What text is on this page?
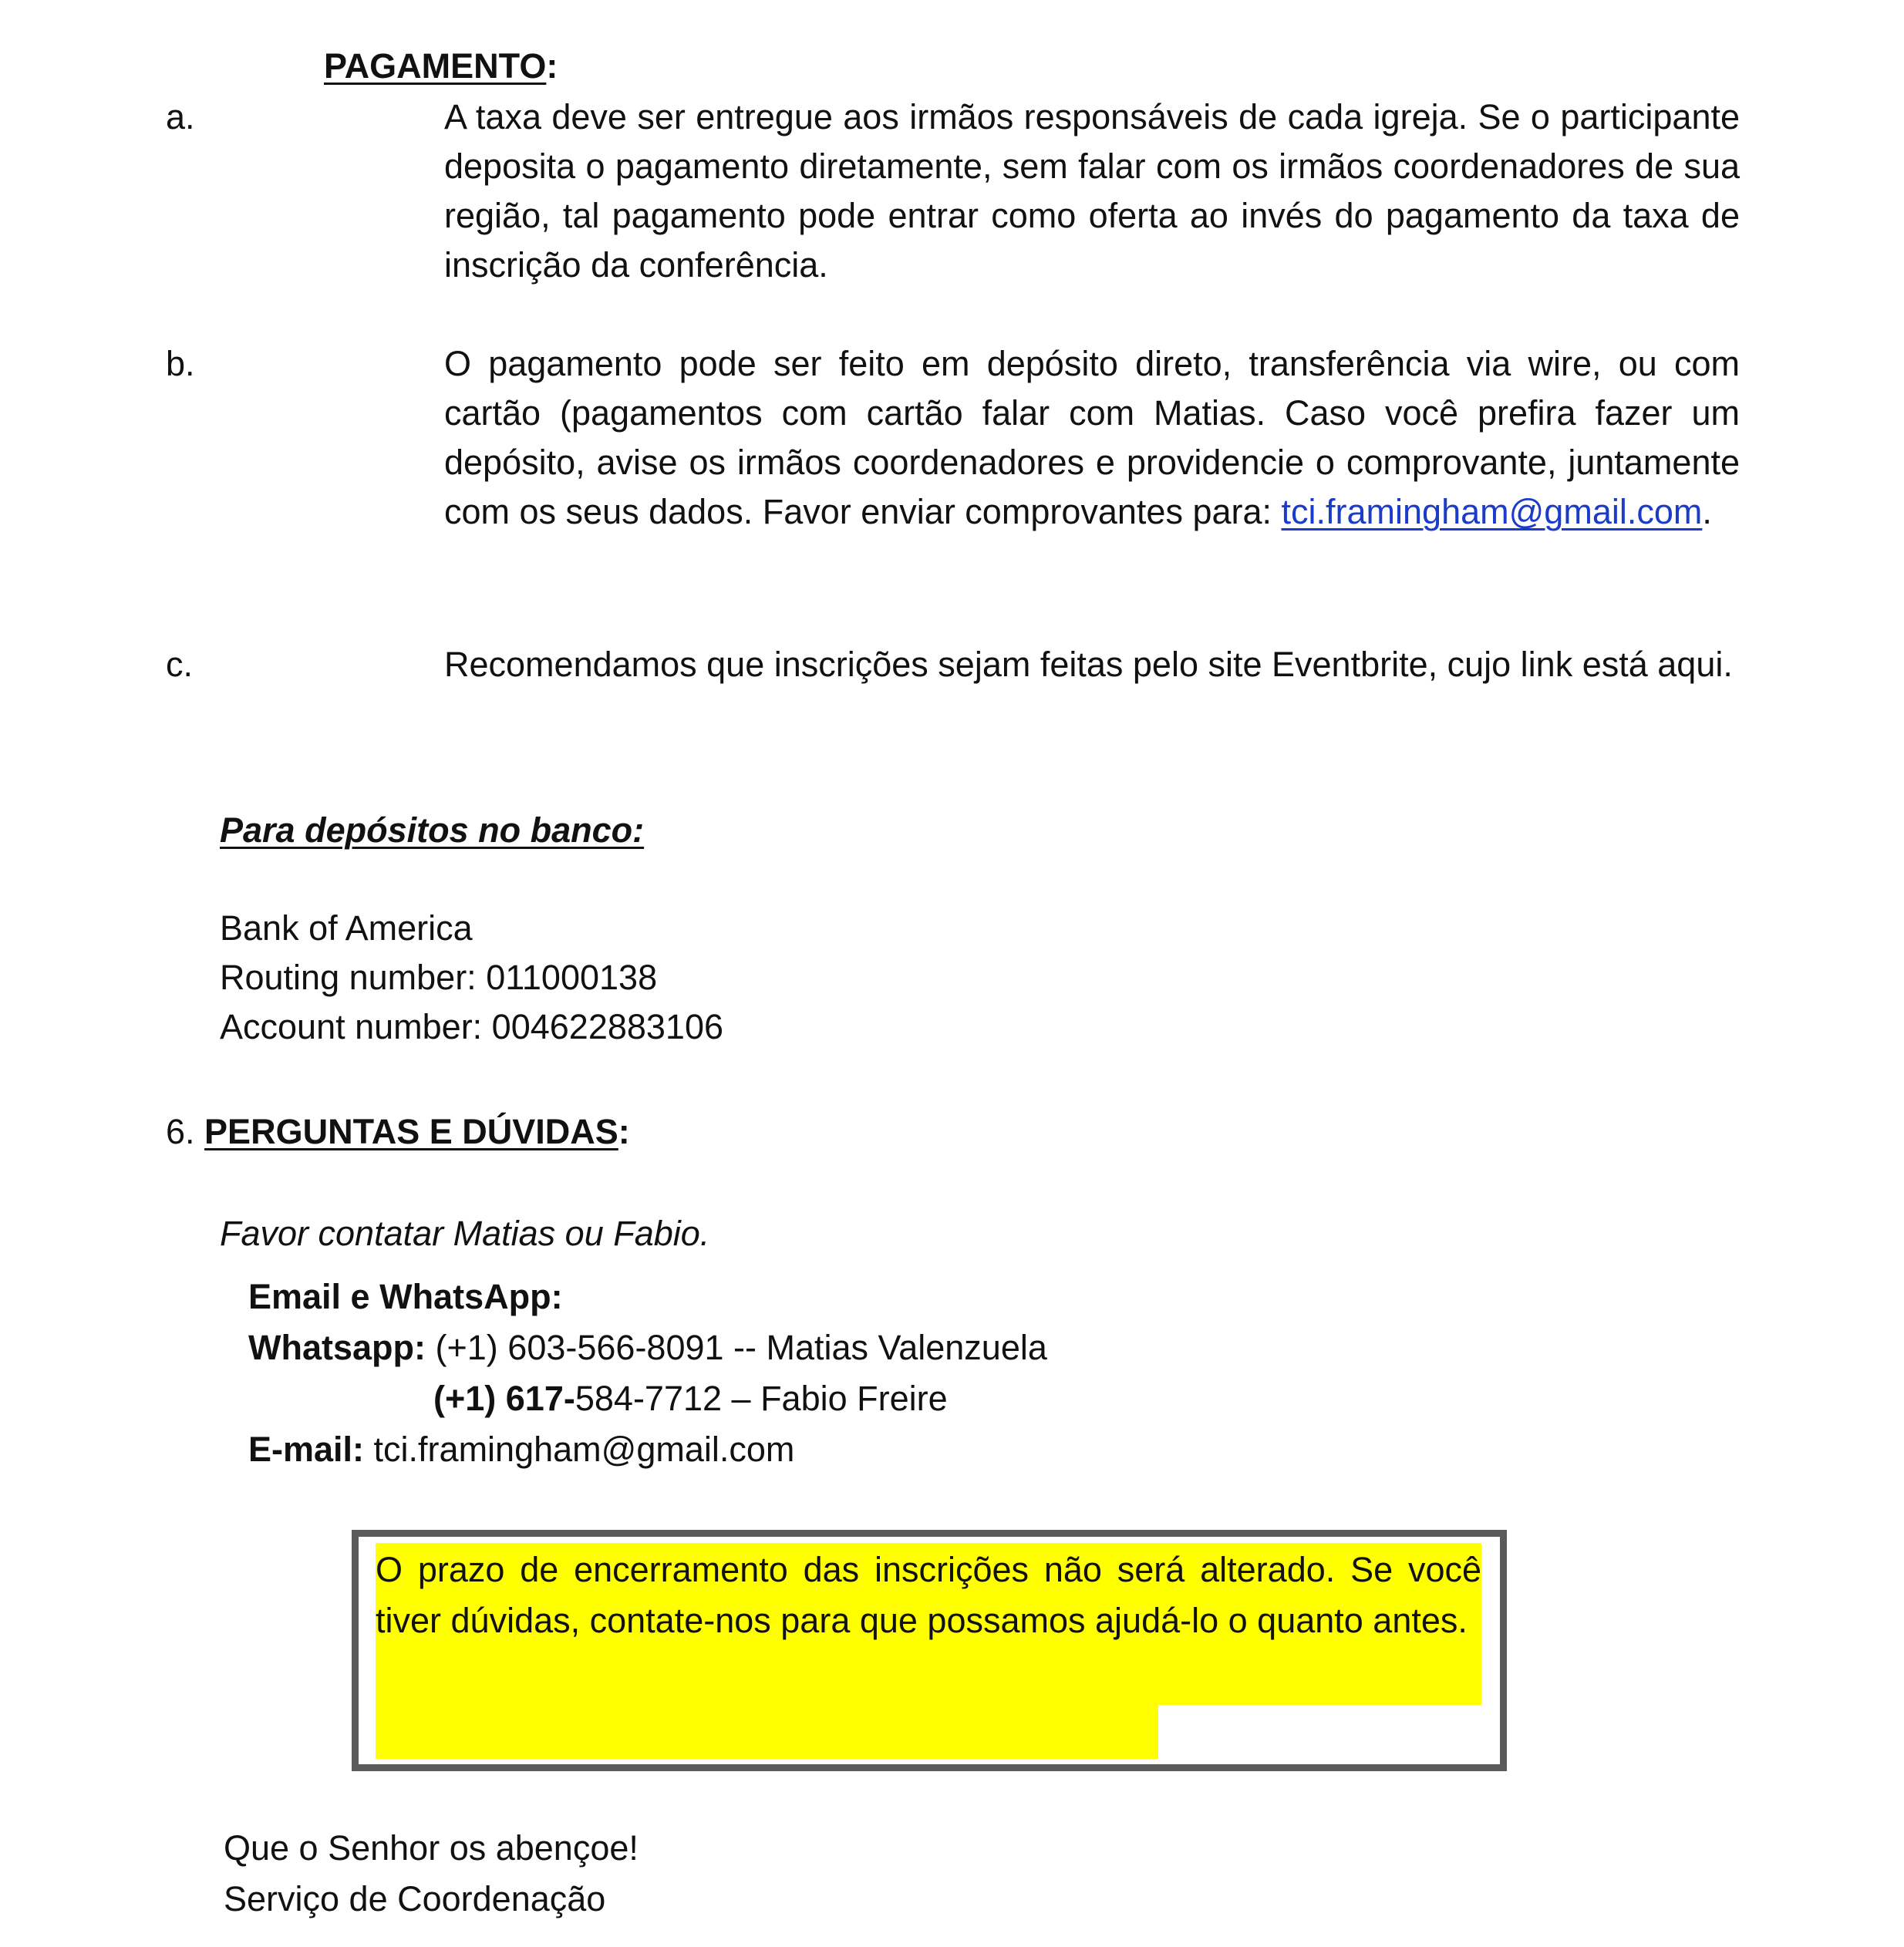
PAGAMENTO:
a.	A taxa deve ser entregue aos irmãos responsáveis de cada igreja. Se o participante deposita o pagamento diretamente, sem falar com os irmãos coordenadores de sua região, tal pagamento pode entrar como oferta ao invés do pagamento da taxa de inscrição da conferência.
b.	O pagamento pode ser feito em depósito direto, transferência via wire, ou com cartão (pagamentos com cartão falar com Matias. Caso você prefira fazer um depósito, avise os irmãos coordenadores e providencie o comprovante, juntamente com os seus dados. Favor enviar comprovantes para: tci.framingham@gmail.com.
c.	Recomendamos que inscrições sejam feitas pelo site Eventbrite, cujo link está aqui.
Para depósitos no banco:
Bank of America
Routing number: 011000138
Account number: 004622883106
6. PERGUNTAS E DÚVIDAS:
Favor contatar Matias ou Fabio.
Email e WhatsApp:
Whatsapp: (+1) 603-566-8091 -- Matias Valenzuela
(+1) 617-584-7712 – Fabio Freire
E-mail: tci.framingham@gmail.com
O prazo de encerramento das inscrições não será alterado. Se você tiver dúvidas, contate-nos para que possamos ajudá-lo o quanto antes.
Que o Senhor os abençoe!
Serviço de Coordenação
